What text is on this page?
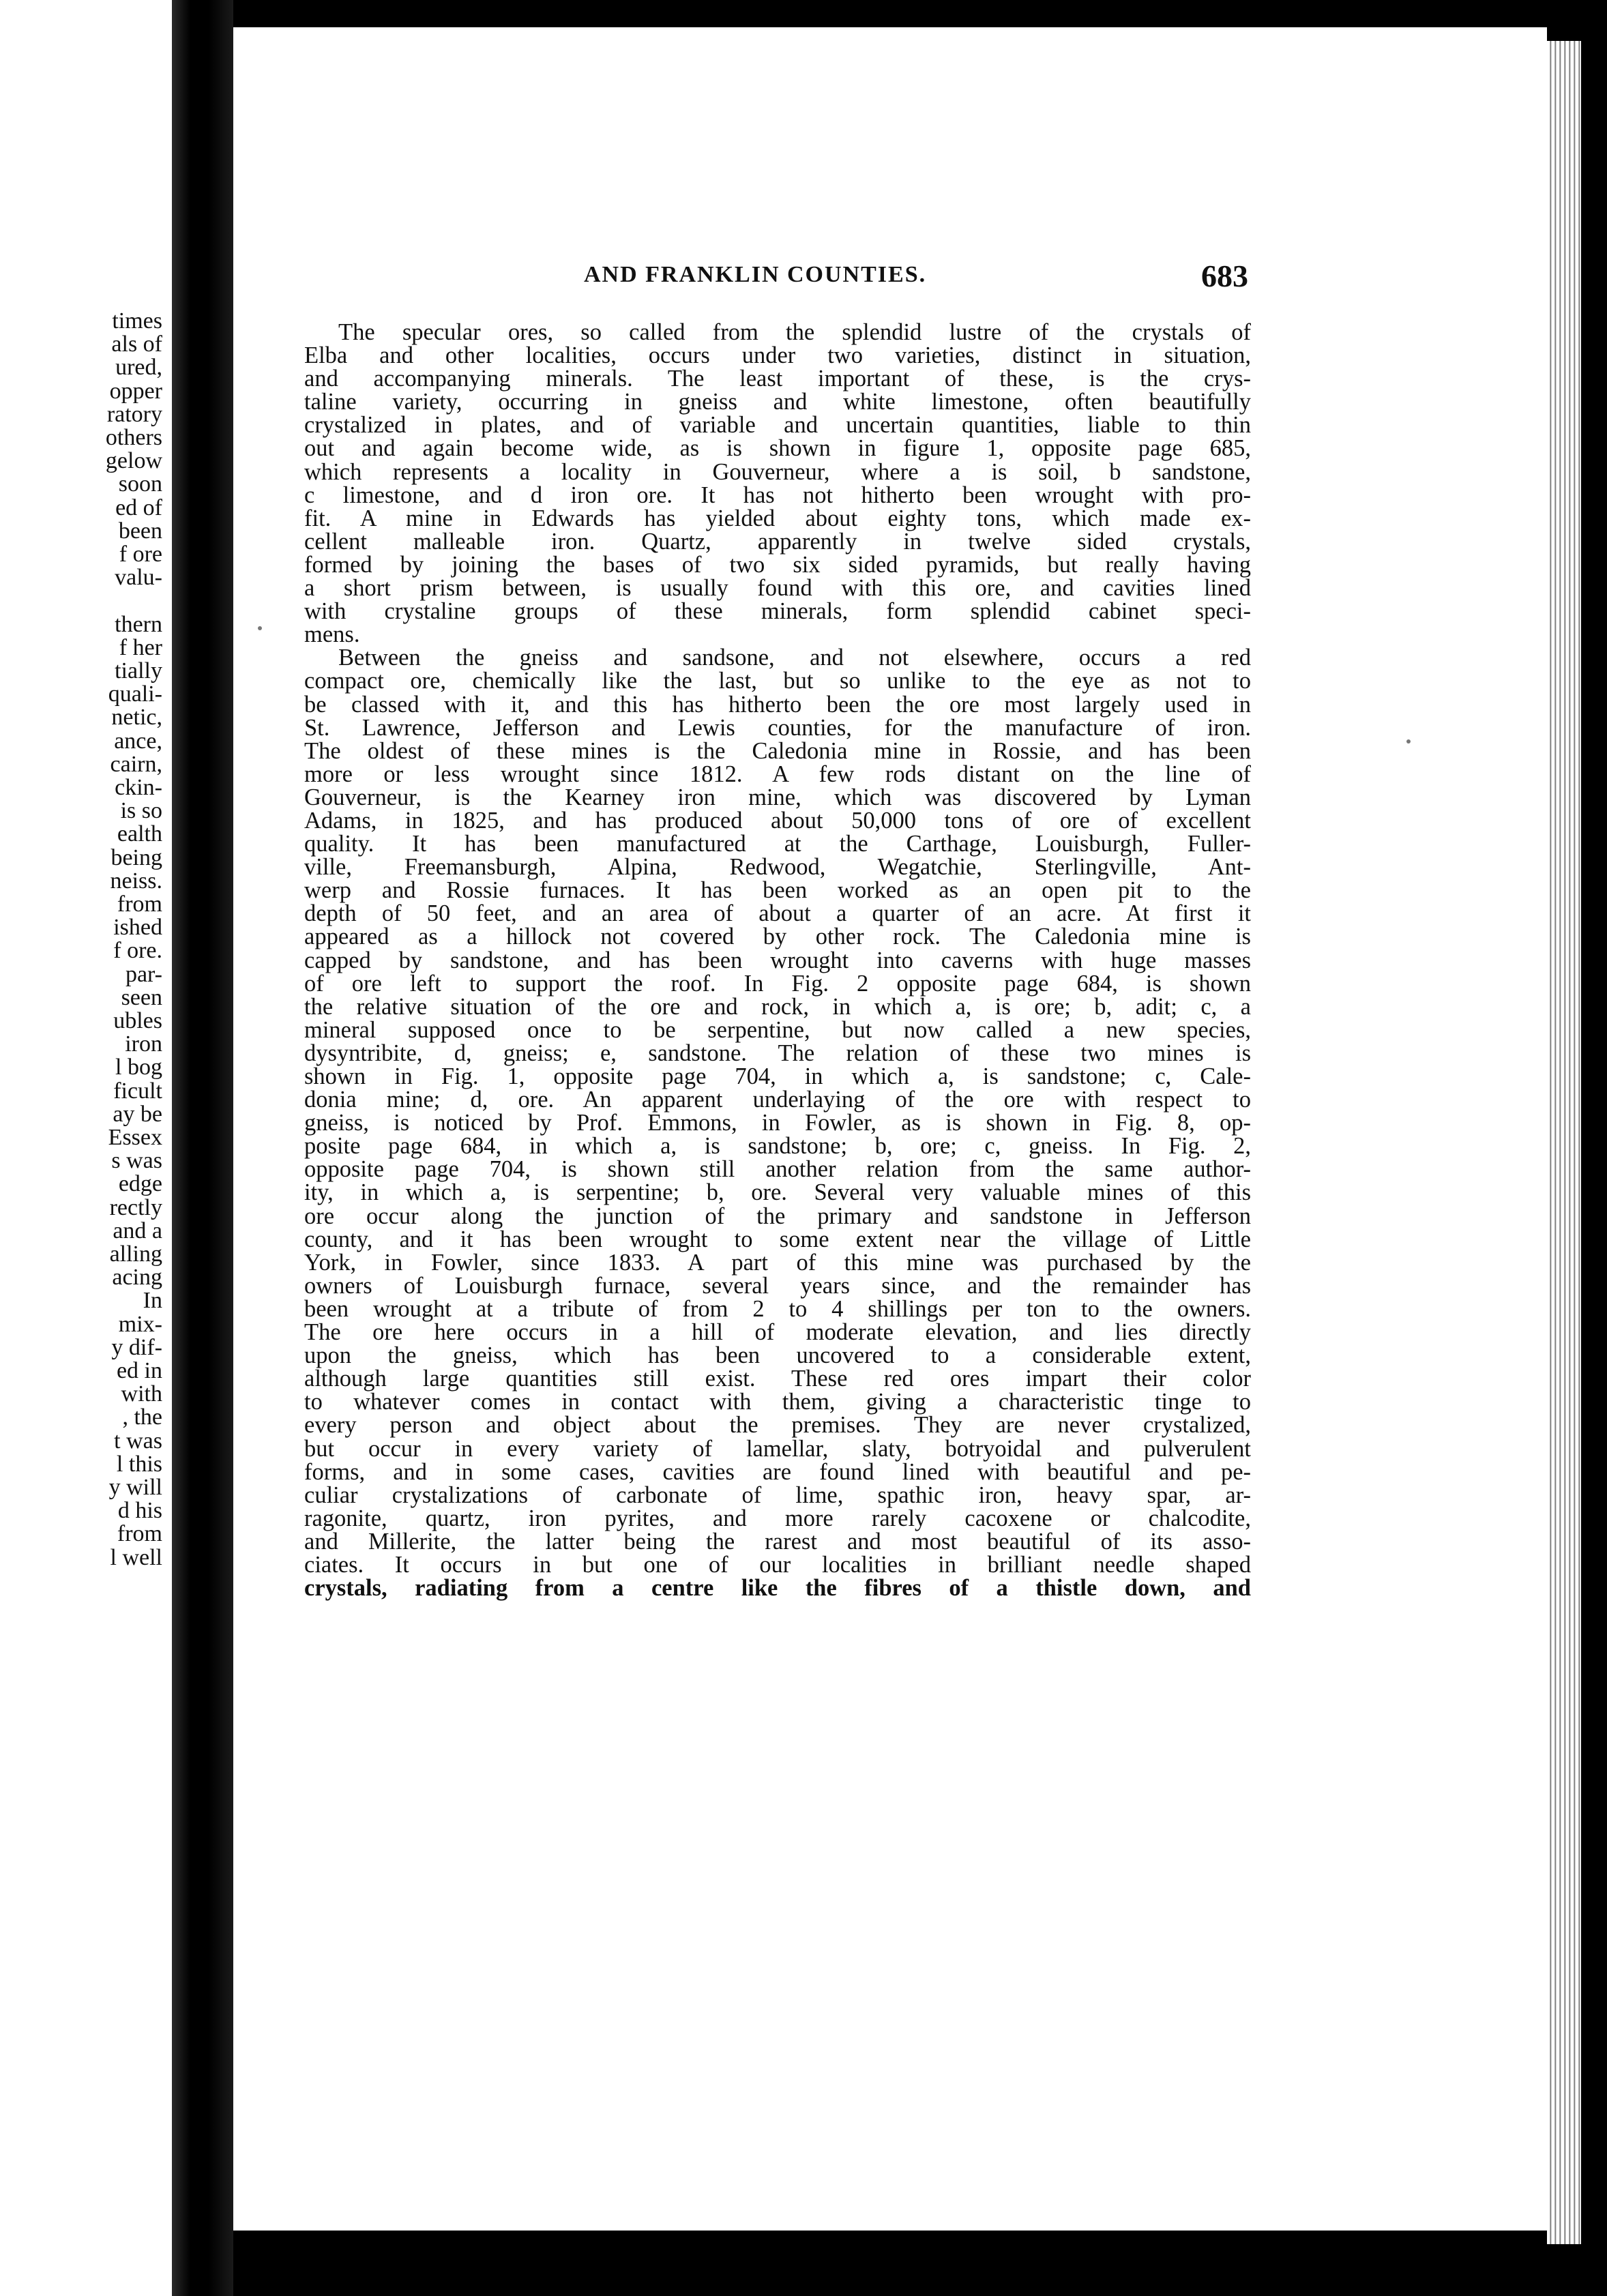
times
als of
ured,
opper
ratory
others
gelow
soon
ed of
been
f ore
valu-
thern
f her
tially
quali-
netic,
ance,
cairn,
ckin-
is so
ealth
being
neiss.
from
ished
f ore.
par-
seen
ubles
iron
l bog
ficult
ay be
Essex
s was
edge
rectly
and a
alling
acing
In
mix-
y dif-
ed in
with
, the
t was
l this
y will
d his
from
l well
AND FRANKLIN COUNTIES.	683
The specular ores, so called from the splendid lustre of the crystals of
Elba and other localities, occurs under two varieties, distinct in situation,
and accompanying minerals. The least important of these, is the crys-
taline variety, occurring in gneiss and white limestone, often beautifully
crystalized in plates, and of variable and uncertain quantities, liable to thin
out and again become wide, as is shown in figure 1, opposite page 685,
which represents a locality in Gouverneur, where a is soil, b sandstone,
c limestone, and d iron ore. It has not hitherto been wrought with pro-
fit. A mine in Edwards has yielded about eighty tons, which made ex-
cellent malleable iron. Quartz, apparently in twelve sided crystals,
formed by joining the bases of two six sided pyramids, but really having
a short prism between, is usually found with this ore, and cavities lined
with crystaline groups of these minerals, form splendid cabinet speci-
mens.
Between the gneiss and sandsone, and not elsewhere, occurs a red
compact ore, chemically like the last, but so unlike to the eye as not to
be classed with it, and this has hitherto been the ore most largely used in
St. Lawrence, Jefferson and Lewis counties, for the manufacture of iron.
The oldest of these mines is the Caledonia mine in Rossie, and has been
more or less wrought since 1812. A few rods distant on the line of
Gouverneur, is the Kearney iron mine, which was discovered by Lyman
Adams, in 1825, and has produced about 50,000 tons of ore of excellent
quality. It has been manufactured at the Carthage, Louisburgh, Fuller-
ville, Freemansburgh, Alpina, Redwood, Wegatchie, Sterlingville, Ant-
werp and Rossie furnaces. It has been worked as an open pit to the
depth of 50 feet, and an area of about a quarter of an acre. At first it
appeared as a hillock not covered by other rock. The Caledonia mine is
capped by sandstone, and has been wrought into caverns with huge masses
of ore left to support the roof. In Fig. 2 opposite page 684, is shown
the relative situation of the ore and rock, in which a, is ore; b, adit; c, a
mineral supposed once to be serpentine, but now called a new species,
dysyntribite, d, gneiss; e, sandstone. The relation of these two mines is
shown in Fig. 1, opposite page 704, in which a, is sandstone; c, Cale-
donia mine; d, ore. An apparent underlaying of the ore with respect to
gneiss, is noticed by Prof. Emmons, in Fowler, as is shown in Fig. 8, op-
posite page 684, in which a, is sandstone; b, ore; c, gneiss. In Fig. 2,
opposite page 704, is shown still another relation from the same author-
ity, in which a, is serpentine; b, ore. Several very valuable mines of this
ore occur along the junction of the primary and sandstone in Jefferson
county, and it has been wrought to some extent near the village of Little
York, in Fowler, since 1833. A part of this mine was purchased by the
owners of Louisburgh furnace, several years since, and the remainder has
been wrought at a tribute of from 2 to 4 shillings per ton to the owners.
The ore here occurs in a hill of moderate elevation, and lies directly
upon the gneiss, which has been uncovered to a considerable extent,
although large quantities still exist. These red ores impart their color
to whatever comes in contact with them, giving a characteristic tinge to
every person and object about the premises. They are never crystalized,
but occur in every variety of lamellar, slaty, botryoidal and pulverulent
forms, and in some cases, cavities are found lined with beautiful and pe-
culiar crystalizations of carbonate of lime, spathic iron, heavy spar, ar-
ragonite, quartz, iron pyrites, and more rarely cacoxene or chalcodite,
and Millerite, the latter being the rarest and most beautiful of its asso-
ciates. It occurs in but one of our localities in brilliant needle shaped
crystals, radiating from a centre like the fibres of a thistle down, and
